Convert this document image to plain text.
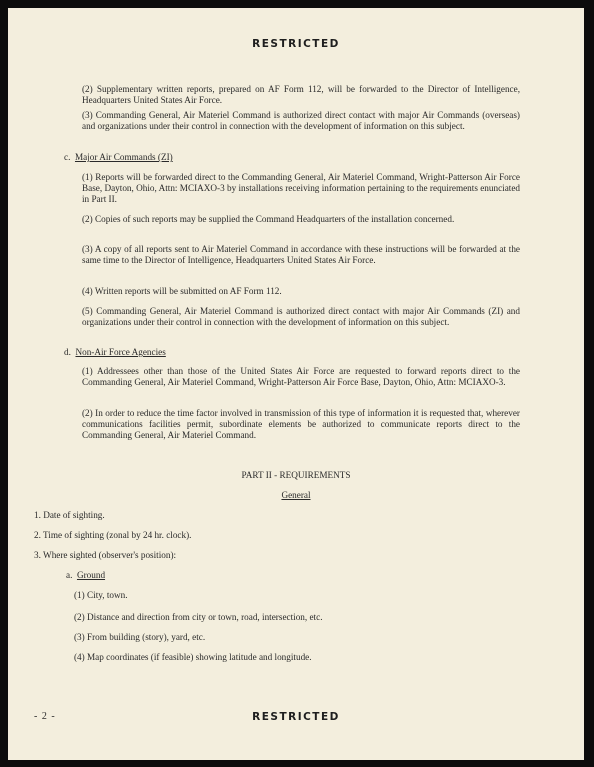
RESTRICTED

(2) Supplementary written reports, prepared on AF Form 112, will be forwarded to the Director of Intelligence, Headquarters United States Air Force.

(3) Commanding General, Air Materiel Command is authorized direct contact with major Air Commands (overseas) and organizations under their control in connection with the development of information on this subject.

c. Major Air Commands (ZI)

(1) Reports will be forwarded direct to the Commanding General, Air Materiel Command, Wright-Patterson Air Force Base, Dayton, Ohio, Attn: MCIAXO-3 by installations receiving information pertaining to the requirements enunciated in Part II.

(2) Copies of such reports may be supplied the Command Headquarters of the installation concerned.

(3) A copy of all reports sent to Air Materiel Command in accordance with these instructions will be forwarded at the same time to the Director of Intelligence, Headquarters United States Air Force.

(4) Written reports will be submitted on AF Form 112.

(5) Commanding General, Air Materiel Command is authorized direct contact with major Air Commands (ZI) and organizations under their control in connection with the development of information on this subject.

d. Non-Air Force Agencies

(1) Addressees other than those of the United States Air Force are requested to forward reports direct to the Commanding General, Air Materiel Command, Wright-Patterson Air Force Base, Dayton, Ohio, Attn: MCIAXO-3.

(2) In order to reduce the time factor involved in transmission of this type of information it is requested that, wherever communications facilities permit, subordinate elements be authorized to communicate reports direct to the Commanding General, Air Materiel Command.

PART II - REQUIREMENTS
General
1. Date of sighting.
2. Time of sighting (zonal by 24 hr. clock).
3. Where sighted (observer's position):
a. Ground
(1) City, town.
(2) Distance and direction from city or town, road, intersection, etc.
(3) From building (story), yard, etc.
(4) Map coordinates (if feasible) showing latitude and longitude.
- 2 -	RESTRICTED
